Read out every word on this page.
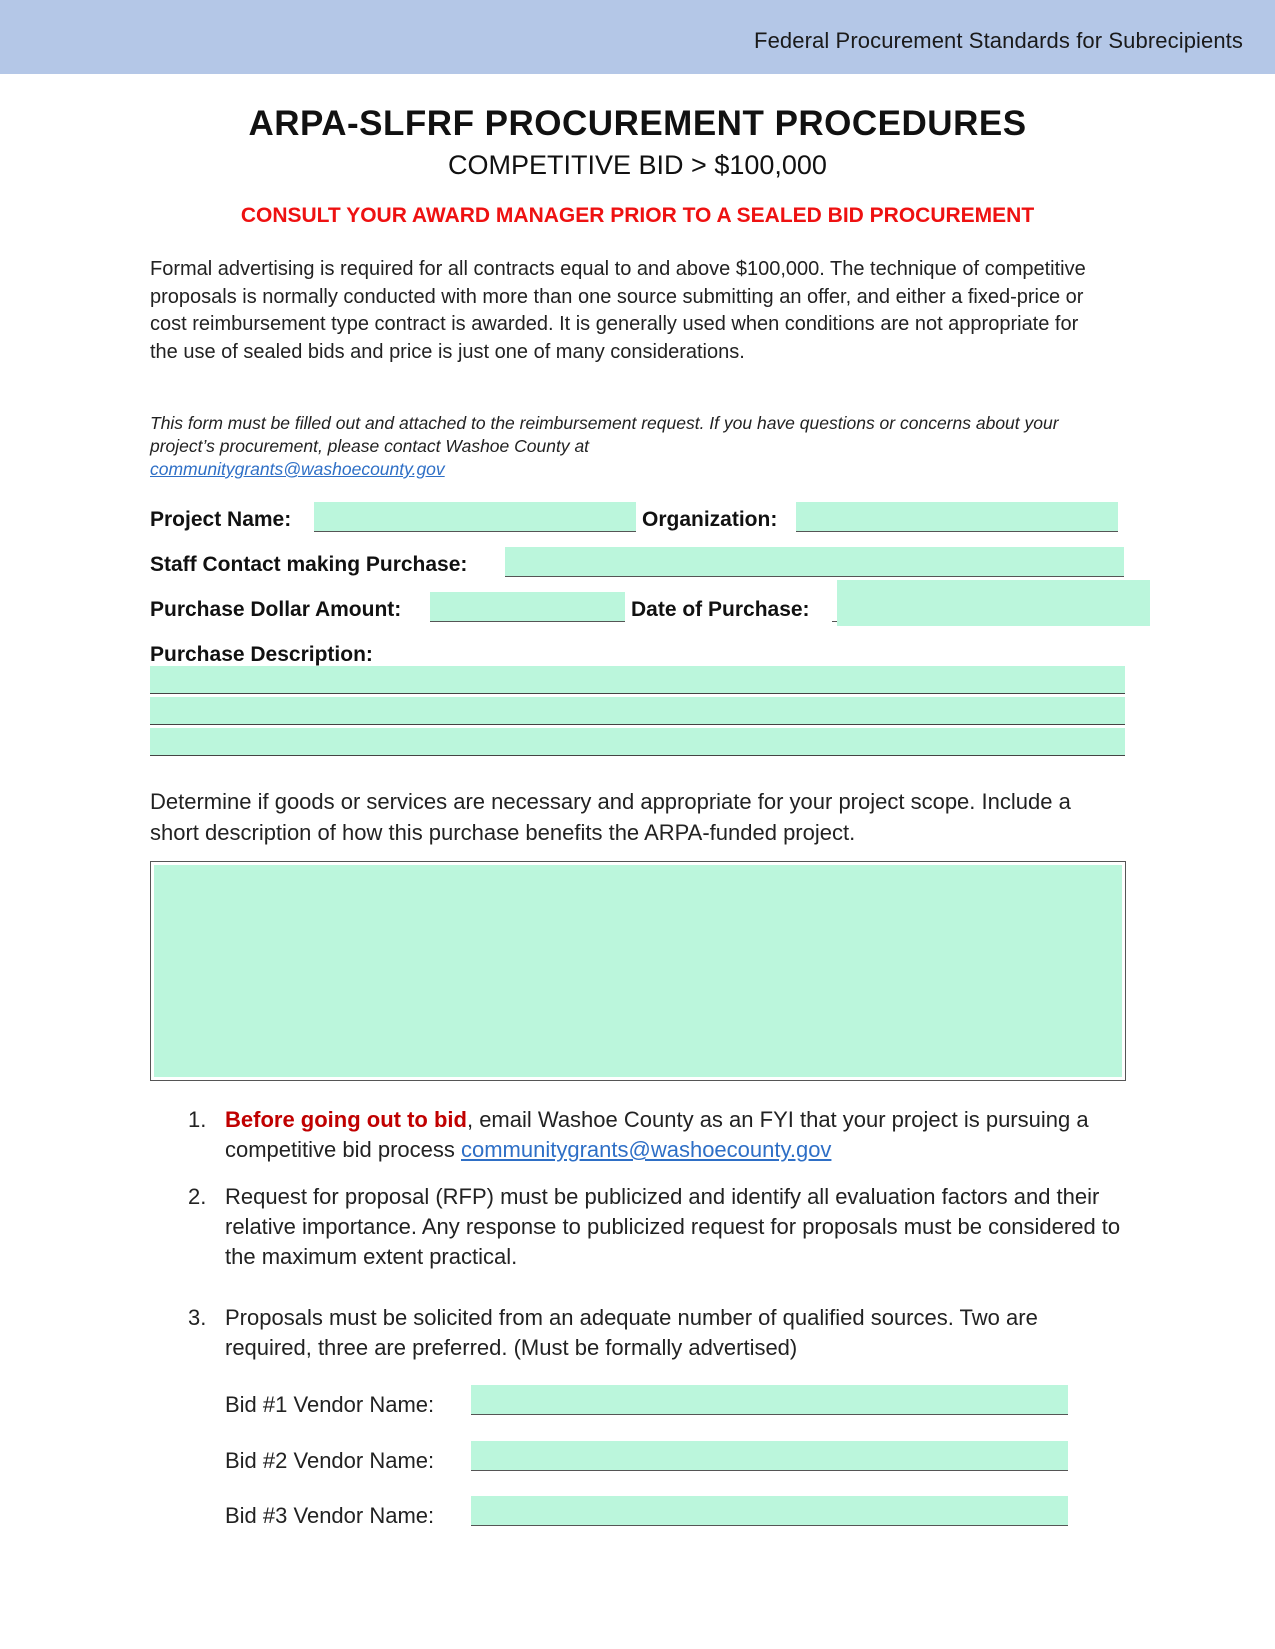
Federal Procurement Standards for Subrecipients
ARPA-SLFRF PROCUREMENT PROCEDURES
COMPETITIVE BID > $100,000
CONSULT YOUR AWARD MANAGER PRIOR TO A SEALED BID PROCUREMENT
Formal advertising is required for all contracts equal to and above $100,000. The technique of competitive proposals is normally conducted with more than one source submitting an offer, and either a fixed-price or cost reimbursement type contract is awarded. It is generally used when conditions are not appropriate for the use of sealed bids and price is just one of many considerations.
This form must be filled out and attached to the reimbursement request. If you have questions or concerns about your project’s procurement, please contact Washoe County at
communitygrants@washoecounty.gov
Project Name:	Organization:
Staff Contact making Purchase:
Purchase Dollar Amount:	Date of Purchase:
Purchase Description:
Determine if goods or services are necessary and appropriate for your project scope. Include a short description of how this purchase benefits the ARPA-funded project.
1. Before going out to bid, email Washoe County as an FYI that your project is pursuing a competitive bid process communitygrants@washoecounty.gov
2. Request for proposal (RFP) must be publicized and identify all evaluation factors and their relative importance. Any response to publicized request for proposals must be considered to the maximum extent practical.
3. Proposals must be solicited from an adequate number of qualified sources. Two are required, three are preferred. (Must be formally advertised)
Bid #1 Vendor Name:
Bid #2 Vendor Name:
Bid #3 Vendor Name:
